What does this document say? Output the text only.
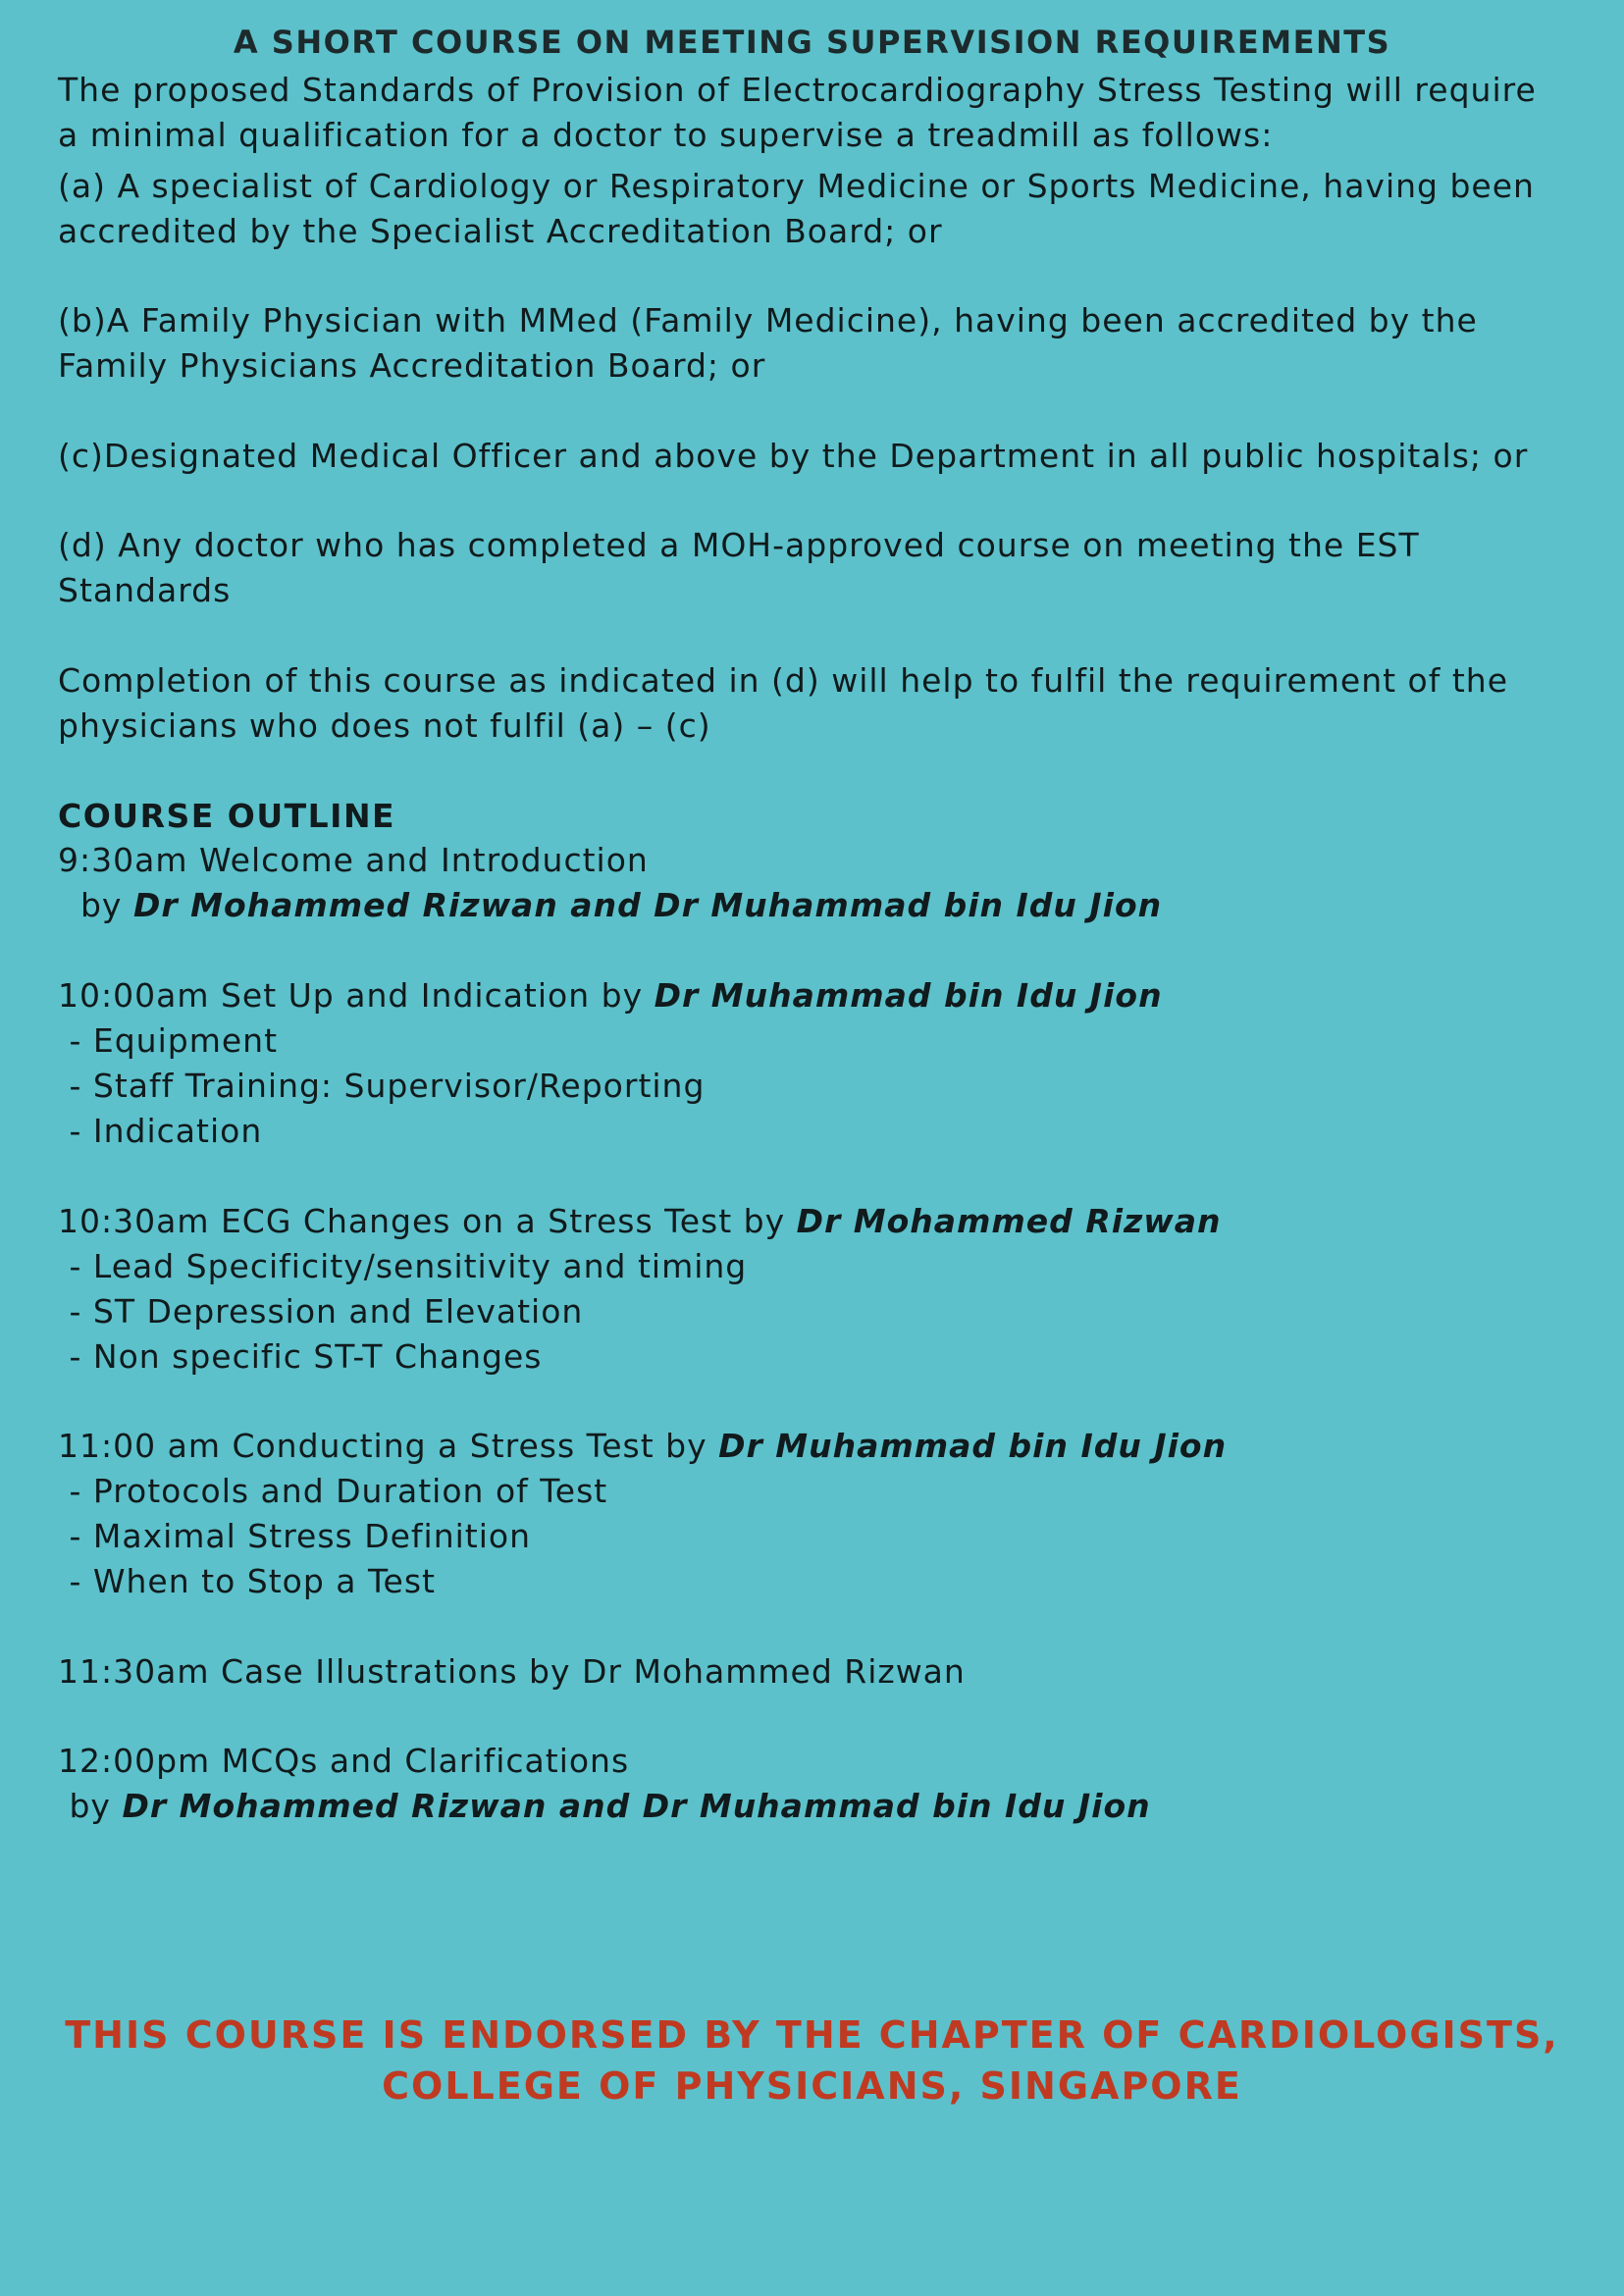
A SHORT COURSE ON MEETING SUPERVISION REQUIREMENTS

The proposed Standards of Provision of Electrocardiography Stress Testing will require

a minimal qualification for a doctor to supervise a treadmill as follows:

(a) A specialist of Cardiology or Respiratory Medicine or Sports Medicine, having been

accredited by the Specialist Accreditation Board; or

(b)A Family Physician with MMed (Family Medicine), having been accredited by the

Family Physicians Accreditation Board; or

(c)Designated Medical Officer and above by the Department in all public hospitals; or

(d) Any doctor who has completed a MOH-approved course on meeting the EST

Standards

Completion of this course as indicated in (d) will help to fulfil the requirement of the

physicians who does not fulfil (a) – (c)

COURSE OUTLINE

9:30am Welcome and Introduction

by Dr Mohammed Rizwan and Dr Muhammad bin Idu Jion

10:00am Set Up and Indication by Dr Muhammad bin Idu Jion

- Equipment

- Staff Training: Supervisor/Reporting

- Indication

10:30am ECG Changes on a Stress Test by Dr Mohammed Rizwan

- Lead Specificity/sensitivity and timing

- ST Depression and Elevation

- Non specific ST-T Changes

11:00 am Conducting a Stress Test by Dr Muhammad bin Idu Jion

- Protocols and Duration of Test

- Maximal Stress Definition

- When to Stop a Test

11:30am Case Illustrations by Dr Mohammed Rizwan

12:00pm MCQs and Clarifications

by Dr Mohammed Rizwan and Dr Muhammad bin Idu Jion

THIS COURSE IS ENDORSED BY THE CHAPTER OF CARDIOLOGISTS,
COLLEGE OF PHYSICIANS, SINGAPORE
